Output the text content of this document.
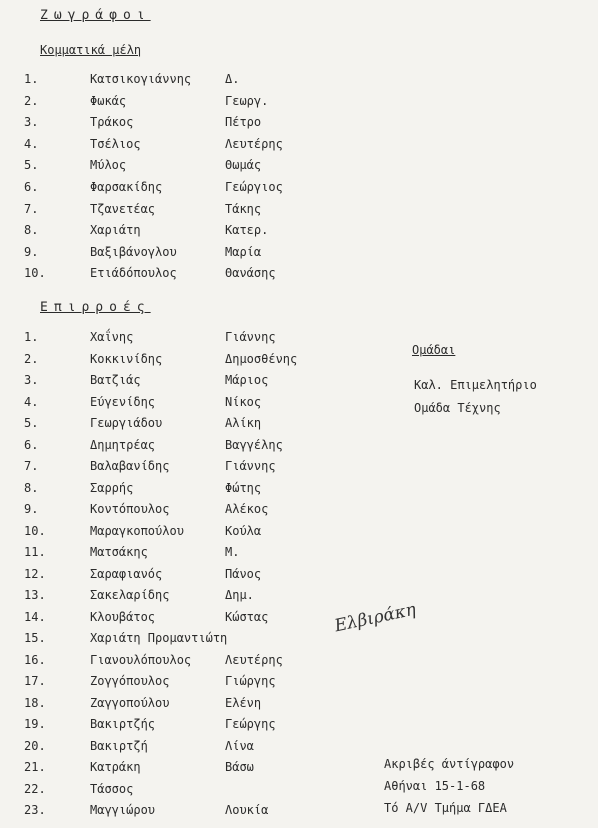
Ζωγράφοι
Κομματικά μέλη
1.	Κατσικογιάννης	Δ.
2.	Φωκάς	Γεωργ.
3.	Τράκος	Πέτρο
4.	Τσέλιος	Λευτέρης
5.	Μύλος	Θωμάς
6.	Φαρσακίδης	Γεώργιος
7.	Τζανετέας	Τάκης
8.	Χαριάτη	Κατερ.
9.	Βαξιβάνογλου	Μαρία
10.	Ετιάδόπουλος	Θανάσης
Επιρροές
1.	Χαΐνης	Γιάννης
2.	Κοκκινίδης	Δημοσθένης
3.	Βατζιάς	Μάριος
4.	Εύγενίδης	Νίκος
5.	Γεωργιάδου	Αλίκη
6.	Δημητρέας	Βαγγέλης
7.	Βαλαβανίδης	Γιάννης
8.	Σαρρής	Φώτης
9.	Κοντόπουλος	Αλέκος
10.	Μαραγκοπούλου	Κούλα
11.	Ματσάκης	Μ.
12.	Σαραφιανός	Πάνος
13.	Σακελαρίδης	Δημ.
14.	Κλουβάτος	Κώστας
15.	Χαριάτη Προμαντιώτη
16.	Γιανουλόπουλος	Λευτέρης
17.	Ζογγόπουλος	Γιώργης
18.	Ζαγγοπούλου	Ελένη
19.	Βακιρτζής	Γεώργης
20.	Βακιρτζή	Λίνα
21.	Κατράκη	Βάσω
22.	Τάσσος
23.	Μαγγιώρου	Λουκία
Ομάδαι
Καλ. Επιμελητήριο
Ομάδα Τέχνης
Ελβιράκη
Ακριβές άντίγραφον
Αθήναι 15-1-68
Τό Α/V Τμήμα ΓΔΕΑ
